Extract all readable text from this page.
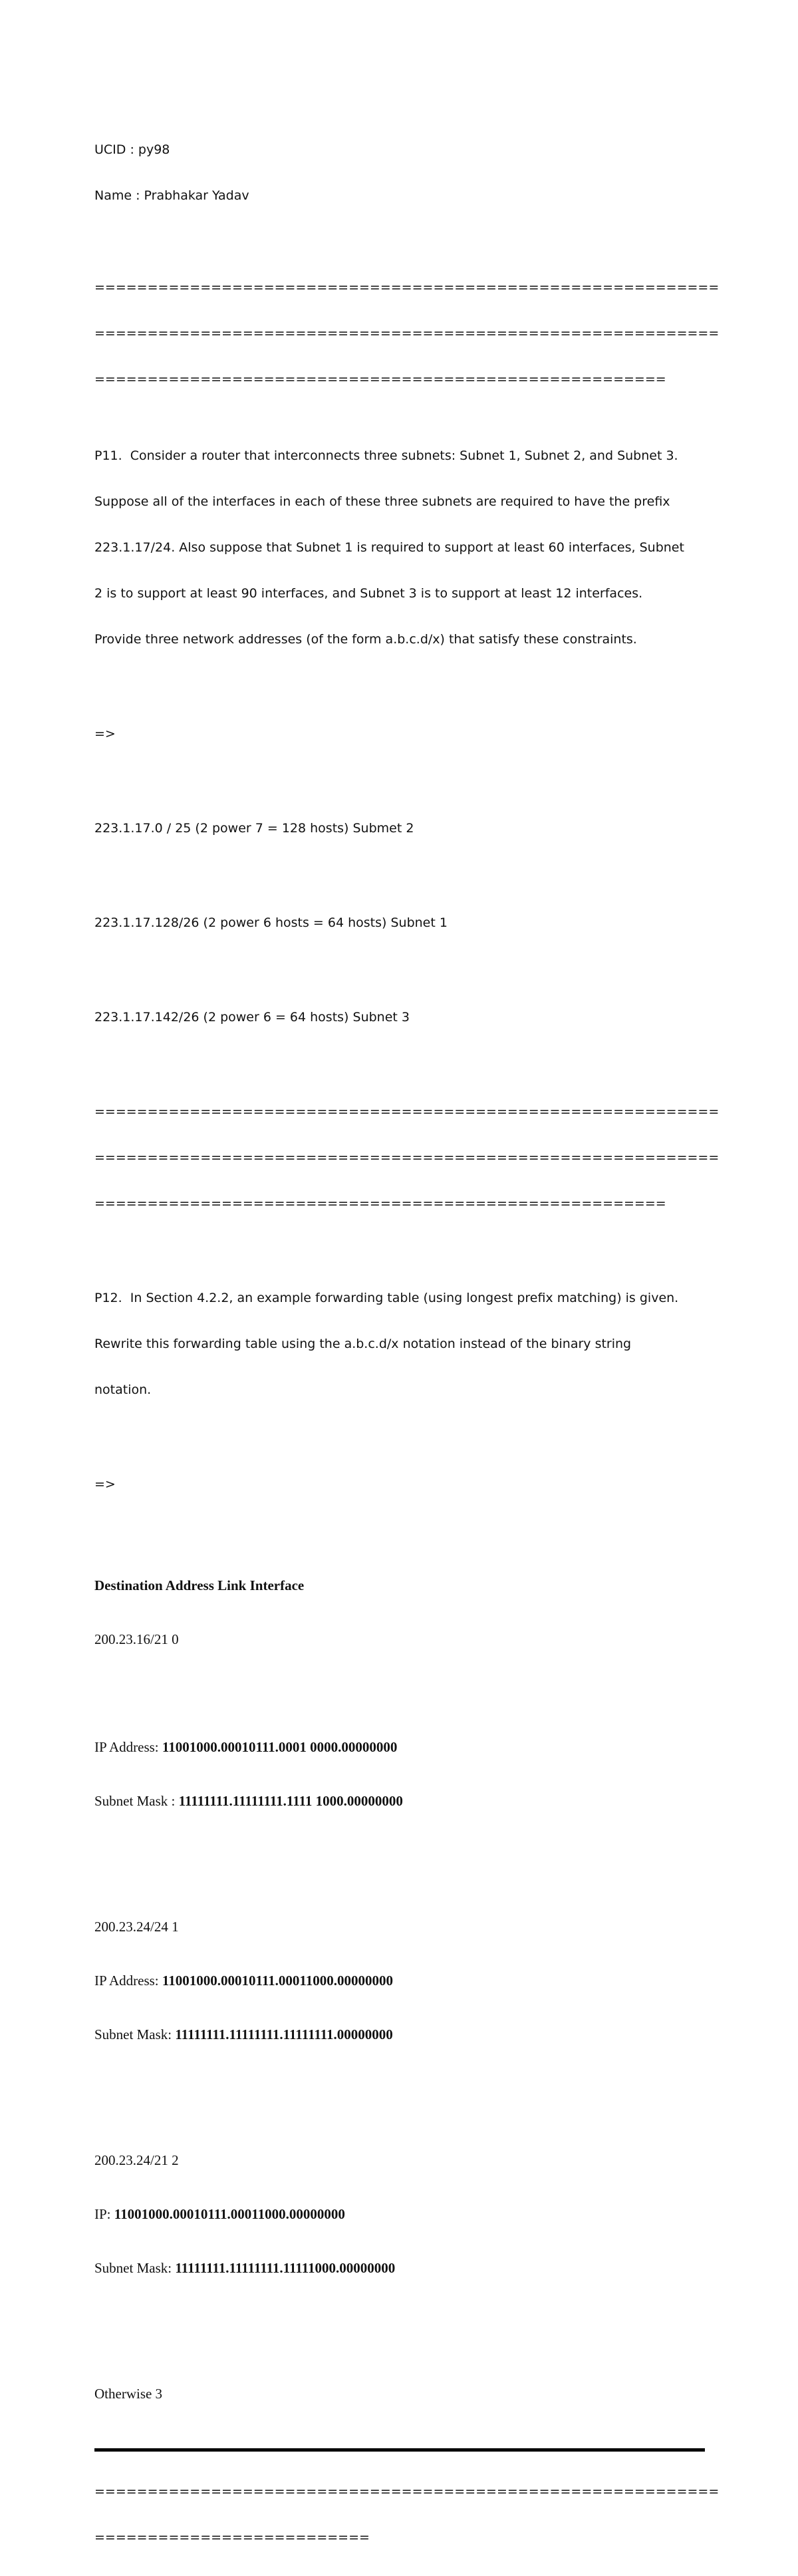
UCID : py98

Name : Prabhakar Yadav

===========================================================

===========================================================

======================================================

P11.  Consider a router that interconnects three subnets: Subnet 1, Subnet 2, and Subnet 3.

Suppose all of the interfaces in each of these three subnets are required to have the prefix

223.1.17/24. Also suppose that Subnet 1 is required to support at least 60 interfaces, Subnet

2 is to support at least 90 interfaces, and Subnet 3 is to support at least 12 interfaces.

Provide three network addresses (of the form a.b.c.d/x) that satisfy these constraints.

=>

223.1.17.0 / 25 (2 power 7 = 128 hosts) Submet 2

223.1.17.128/26 (2 power 6 hosts = 64 hosts) Subnet 1

223.1.17.142/26 (2 power 6 = 64 hosts) Subnet 3

===========================================================

===========================================================

======================================================

P12.  In Section 4.2.2, an example forwarding table (using longest prefix matching) is given.

Rewrite this forwarding table using the a.b.c.d/x notation instead of the binary string

notation.

=>

Destination Address Link Interface

200.23.16/21 0

IP Address: 11001000.00010111.0001 0000.00000000

Subnet Mask : 11111111.11111111.1111 1000.00000000

200.23.24/24 1

IP Address: 11001000.00010111.00011000.00000000

Subnet Mask: 11111111.11111111.11111111.00000000

200.23.24/21 2

IP: 11001000.00010111.00011000.00000000

Subnet Mask: 11111111.11111111.11111000.00000000

Otherwise 3

===========================================================

==========================
